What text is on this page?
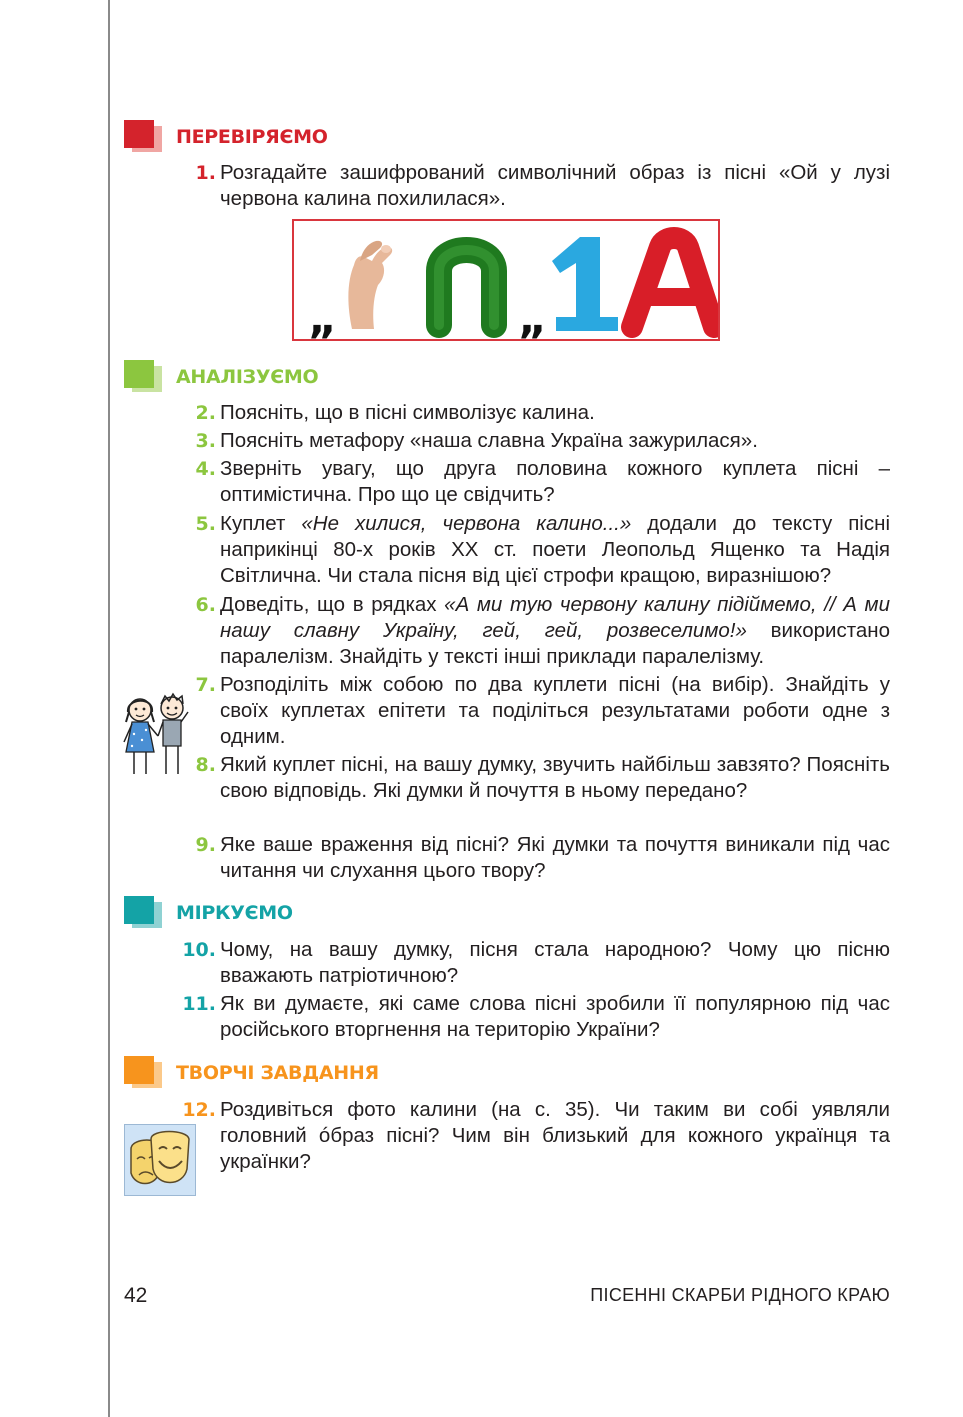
ПЕРЕВІРЯЄМО
1. Розгадайте зашифрований символічний образ із пісні «Ой у лузі червона калина похилилася».
„	„
АНАЛІЗУЄМО
2. Поясніть, що в пісні символізує калина.
3. Поясніть метафору «наша славна Україна зажурилася».
4. Зверніть увагу, що друга половина кожного куплета пісні – оптимістична. Про що це свідчить?
5. Куплет «Не хилися, червона калино...» додали до тексту пісні наприкінці 80-х років XX ст. поети Леопольд Ященко та Надія Світлична. Чи стала пісня від цієї строфи кращою, виразнішою?
6. Доведіть, що в рядках «А ми тую червону калину підіймемо, // А ми нашу славну Україну, гей, гей, розвеселимо!» використано паралелізм. Знайдіть у тексті інші приклади паралелізму.
7. Розподіліть між собою по два куплети пісні (на вибір). Знайдіть у своїх куплетах епітети та поділіться результатами роботи одне з одним.
8. Який куплет пісні, на вашу думку, звучить найбільш завзято? Поясніть свою відповідь. Які думки й почуття в ньому передано?
9. Яке ваше враження від пісні? Які думки та почуття виникали під час читання чи слухання цього твору?
МІРКУЄМО
10. Чому, на вашу думку, пісня стала народною? Чому цю пісню вважають патріотичною?
11. Як ви думаєте, які саме слова пісні зробили її популярною під час російського вторгнення на територію України?
ТВОРЧІ ЗАВДАННЯ
12. Роздивіться фото калини (на с. 35). Чи таким ви собі уявляли головний óбраз пісні? Чим він близький для кожного українця та українки?
42	ПІСЕННІ СКАРБИ РІДНОГО КРАЮ
